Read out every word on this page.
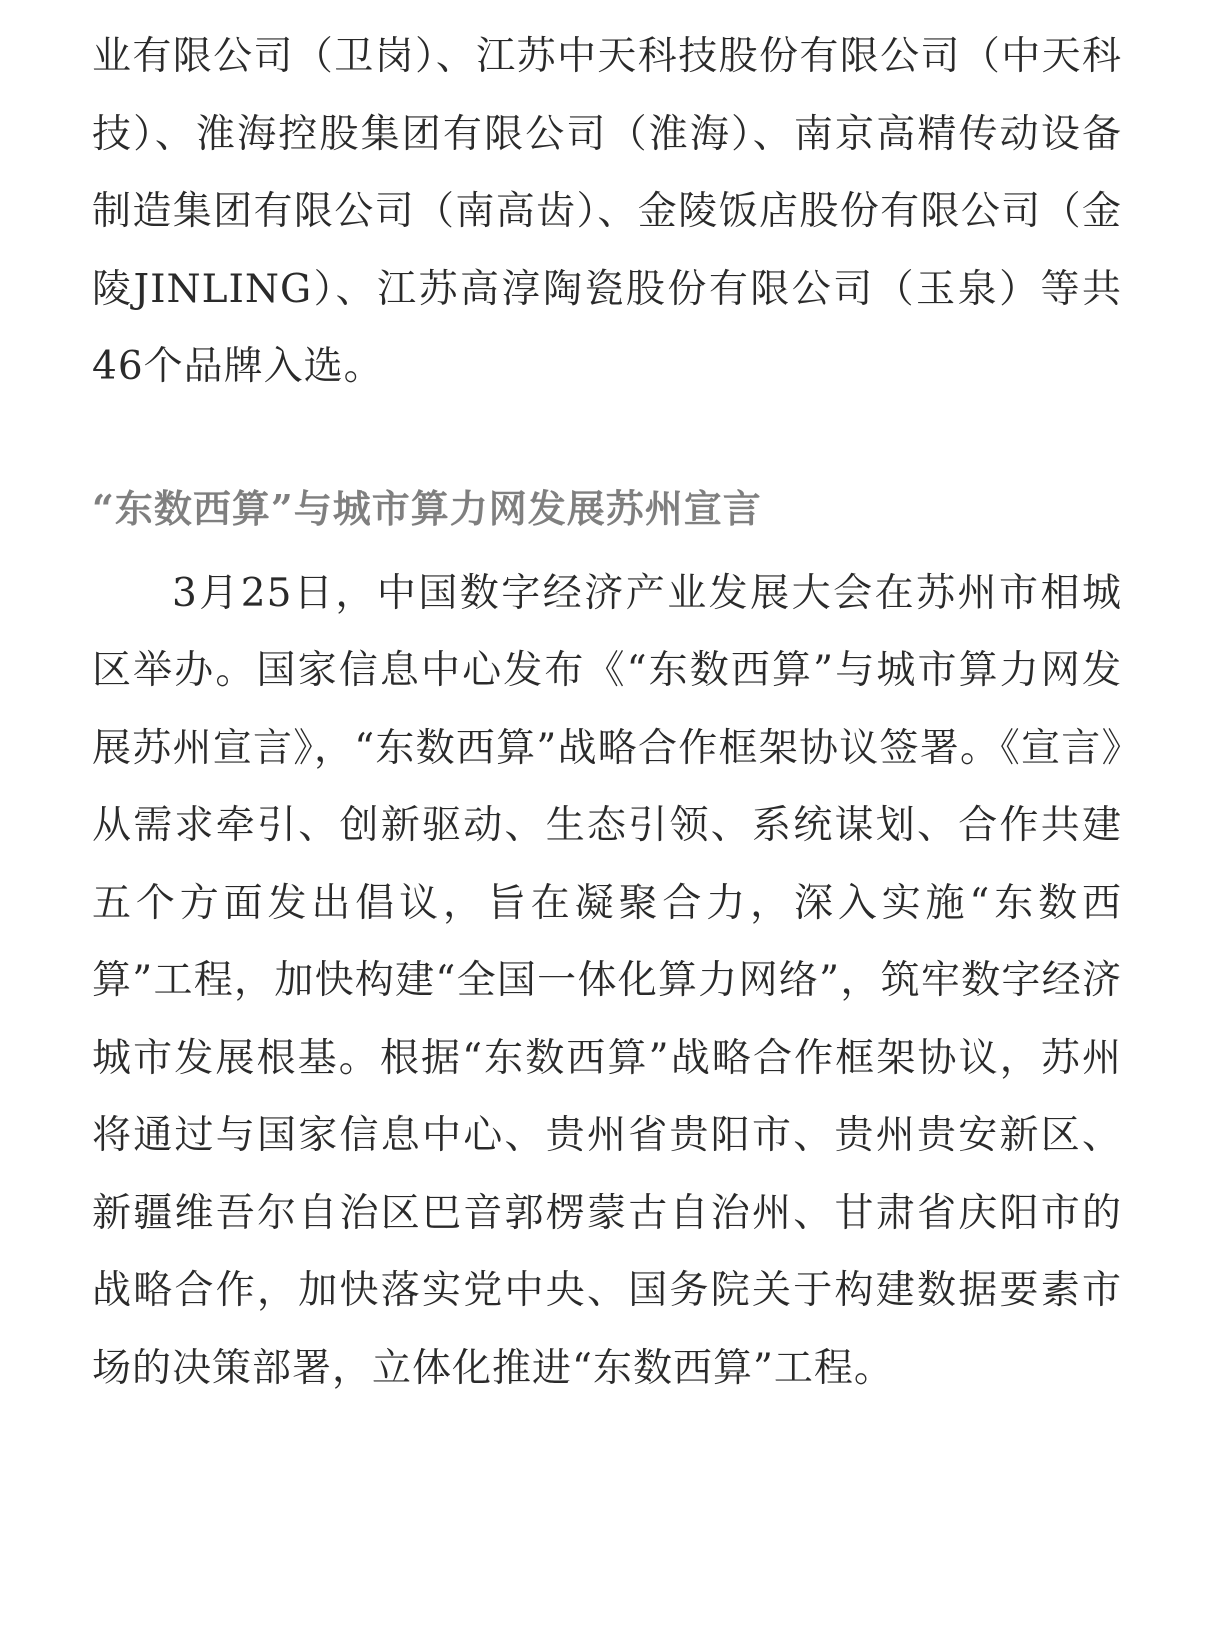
业有限公司（卫岗）、江苏中天科技股份有限公司（中天科技）、淮海控股集团有限公司（淮海）、南京高精传动设备制造集团有限公司（南高齿）、金陵饭店股份有限公司（金陵JINLING）、江苏高淳陶瓷股份有限公司（玉泉）等共46个品牌入选。

“东数西算”与城市算力网发展苏州宣言

3月25日，中国数字经济产业发展大会在苏州市相城区举办。国家信息中心发布《“东数西算”与城市算力网发展苏州宣言》，“东数西算”战略合作框架协议签署。《宣言》从需求牵引、创新驱动、生态引领、系统谋划、合作共建五个方面发出倡议，旨在凝聚合力，深入实施“东数西算”工程，加快构建“全国一体化算力网络”，筑牢数字经济城市发展根基。根据“东数西算”战略合作框架协议，苏州将通过与国家信息中心、贵州省贵阳市、贵州贵安新区、新疆维吾尔自治区巴音郭楞蒙古自治州、甘肃省庆阳市的战略合作，加快落实党中央、国务院关于构建数据要素市场的决策部署，立体化推进“东数西算”工程。
